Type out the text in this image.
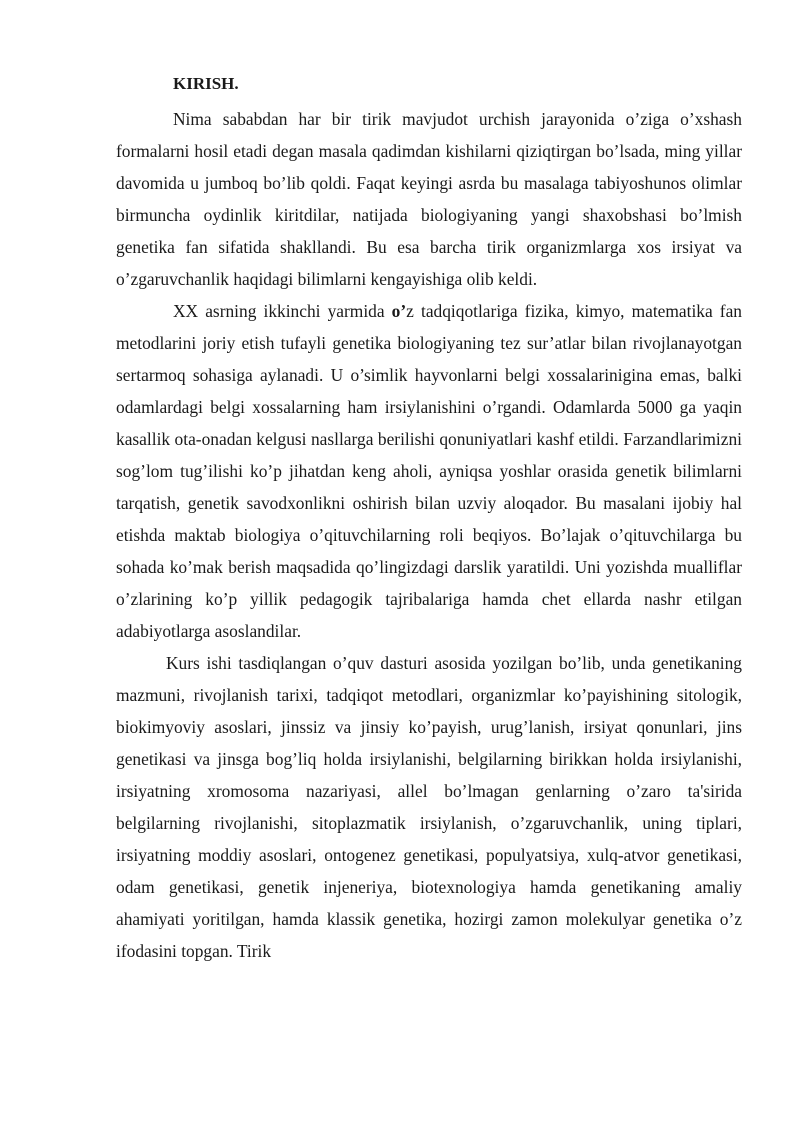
KIRISH.

Nima sababdan har bir tirik mavjudot urchish jarayonida o’ziga o’xshash formalarni hosil etadi degan masala qadimdan kishilarni qiziqtirgan bo’lsada, ming yillar davomida u jumboq bo’lib qoldi. Faqat keyingi asrda bu masalaga tabiyoshunos olimlar birmuncha oydinlik kiritdilar, natijada biologiyaning yangi shaxobshasi bo’lmish genetika fan sifatida shakllandi. Bu esa barcha tirik organizmlarga xos irsiyat va o’zgaruvchanlik haqidagi bilimlarni kengayishiga olib keldi.

XX asrning ikkinchi yarmida o’z tadqiqotlariga fizika, kimyo, matematika fan metodlarini joriy etish tufayli genetika biologiyaning tez sur’atlar bilan rivojlanayotgan sertarmoq sohasiga aylanadi. U o’simlik hayvonlarni belgi xossalarinigina emas, balki odamlardagi belgi xossalarning ham irsiylanishini o’rgandi. Odamlarda 5000 ga yaqin kasallik ota-onadan kelgusi nasllarga berilishi qonuniyatlari kashf etildi. Farzandlarimizni sog’lom tug’ilishi ko’p jihatdan keng aholi, ayniqsa yoshlar orasida genetik bilimlarni tarqatish, genetik savodxonlikni oshirish bilan uzviy aloqador. Bu masalani ijobiy hal etishda maktab biologiya o’qituvchilarning roli beqiyos. Bo’lajak o’qituvchilarga bu sohada ko’mak berish maqsadida qo’lingizdagi darslik yaratildi. Uni yozishda mualliflar o’zlarining ko’p yillik pedagogik tajribalariga hamda chet ellarda nashr etilgan adabiyotlarga asoslandilar.

Kurs ishi tasdiqlangan o’quv dasturi asosida yozilgan bo’lib, unda genetikaning mazmuni, rivojlanish tarixi, tadqiqot metodlari, organizmlar ko’payishining sitologik, biokimyoviy asoslari, jinssiz va jinsiy ko’payish, urug’lanish, irsiyat qonunlari, jins genetikasi va jinsga bog’liq holda irsiylanishi, belgilarning birikkan holda irsiylanishi, irsiyatning xromosoma nazariyasi, allel bo’lmagan genlarning o’zaro ta'sirida belgilarning rivojlanishi, sitoplazmatik irsiylanish, o’zgaruvchanlik, uning tiplari, irsiyatning moddiy asoslari, ontogenez genetikasi, populyatsiya, xulq-atvor genetikasi, odam genetikasi, genetik injeneriya, biotexnologiya hamda genetikaning amaliy ahamiyati yoritilgan, hamda klassik genetika, hozirgi zamon molekulyar genetika o’z ifodasini topgan. Tirik
